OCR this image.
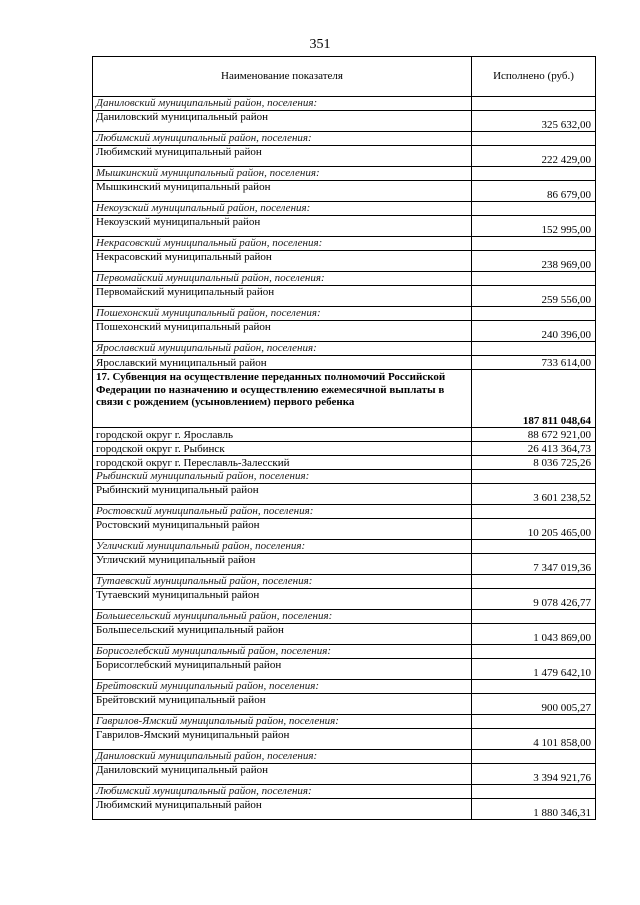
351
Наименование показателя	Исполнено (руб.)
Даниловский муниципальный район, поселения:	
Даниловский муниципальный район	325 632,00
Любимский муниципальный район, поселения:	
Любимский муниципальный район	222 429,00
Мышкинский муниципальный район, поселения:	
Мышкинский муниципальный район	86 679,00
Некоузский муниципальный район, поселения:	
Некоузский муниципальный район	152 995,00
Некрасовский муниципальный район, поселения:	
Некрасовский муниципальный район	238 969,00
Первомайский муниципальный район, поселения:	
Первомайский муниципальный район	259 556,00
Пошехонский муниципальный район, поселения:	
Пошехонский муниципальный район	240 396,00
Ярославский муниципальный район, поселения:	
Ярославский муниципальный район	733 614,00
17. Субвенция на осуществление переданных полномочий Российской Федерации по назначению и осуществлению ежемесячной выплаты в связи с рождением (усыновлением) первого ребенка	187 811 048,64
городской округ г. Ярославль	88 672 921,00
городской округ г. Рыбинск	26 413 364,73
городской округ г. Переславль-Залесский	8 036 725,26
Рыбинский муниципальный район, поселения:	
Рыбинский муниципальный район	3 601 238,52
Ростовский муниципальный район, поселения:	
Ростовский муниципальный район	10 205 465,00
Угличский муниципальный район, поселения:	
Угличский муниципальный район	7 347 019,36
Тутаевский муниципальный район, поселения:	
Тутаевский муниципальный район	9 078 426,77
Большесельский муниципальный район, поселения:	
Большесельский муниципальный район	1 043 869,00
Борисоглебский муниципальный район, поселения:	
Борисоглебский муниципальный район	1 479 642,10
Брейтовский муниципальный район, поселения:	
Брейтовский муниципальный район	900 005,27
Гаврилов-Ямский муниципальный район, поселения:	
Гаврилов-Ямский муниципальный район	4 101 858,00
Даниловский муниципальный район, поселения:	
Даниловский муниципальный район	3 394 921,76
Любимский муниципальный район, поселения:	
Любимский муниципальный район	1 880 346,31
